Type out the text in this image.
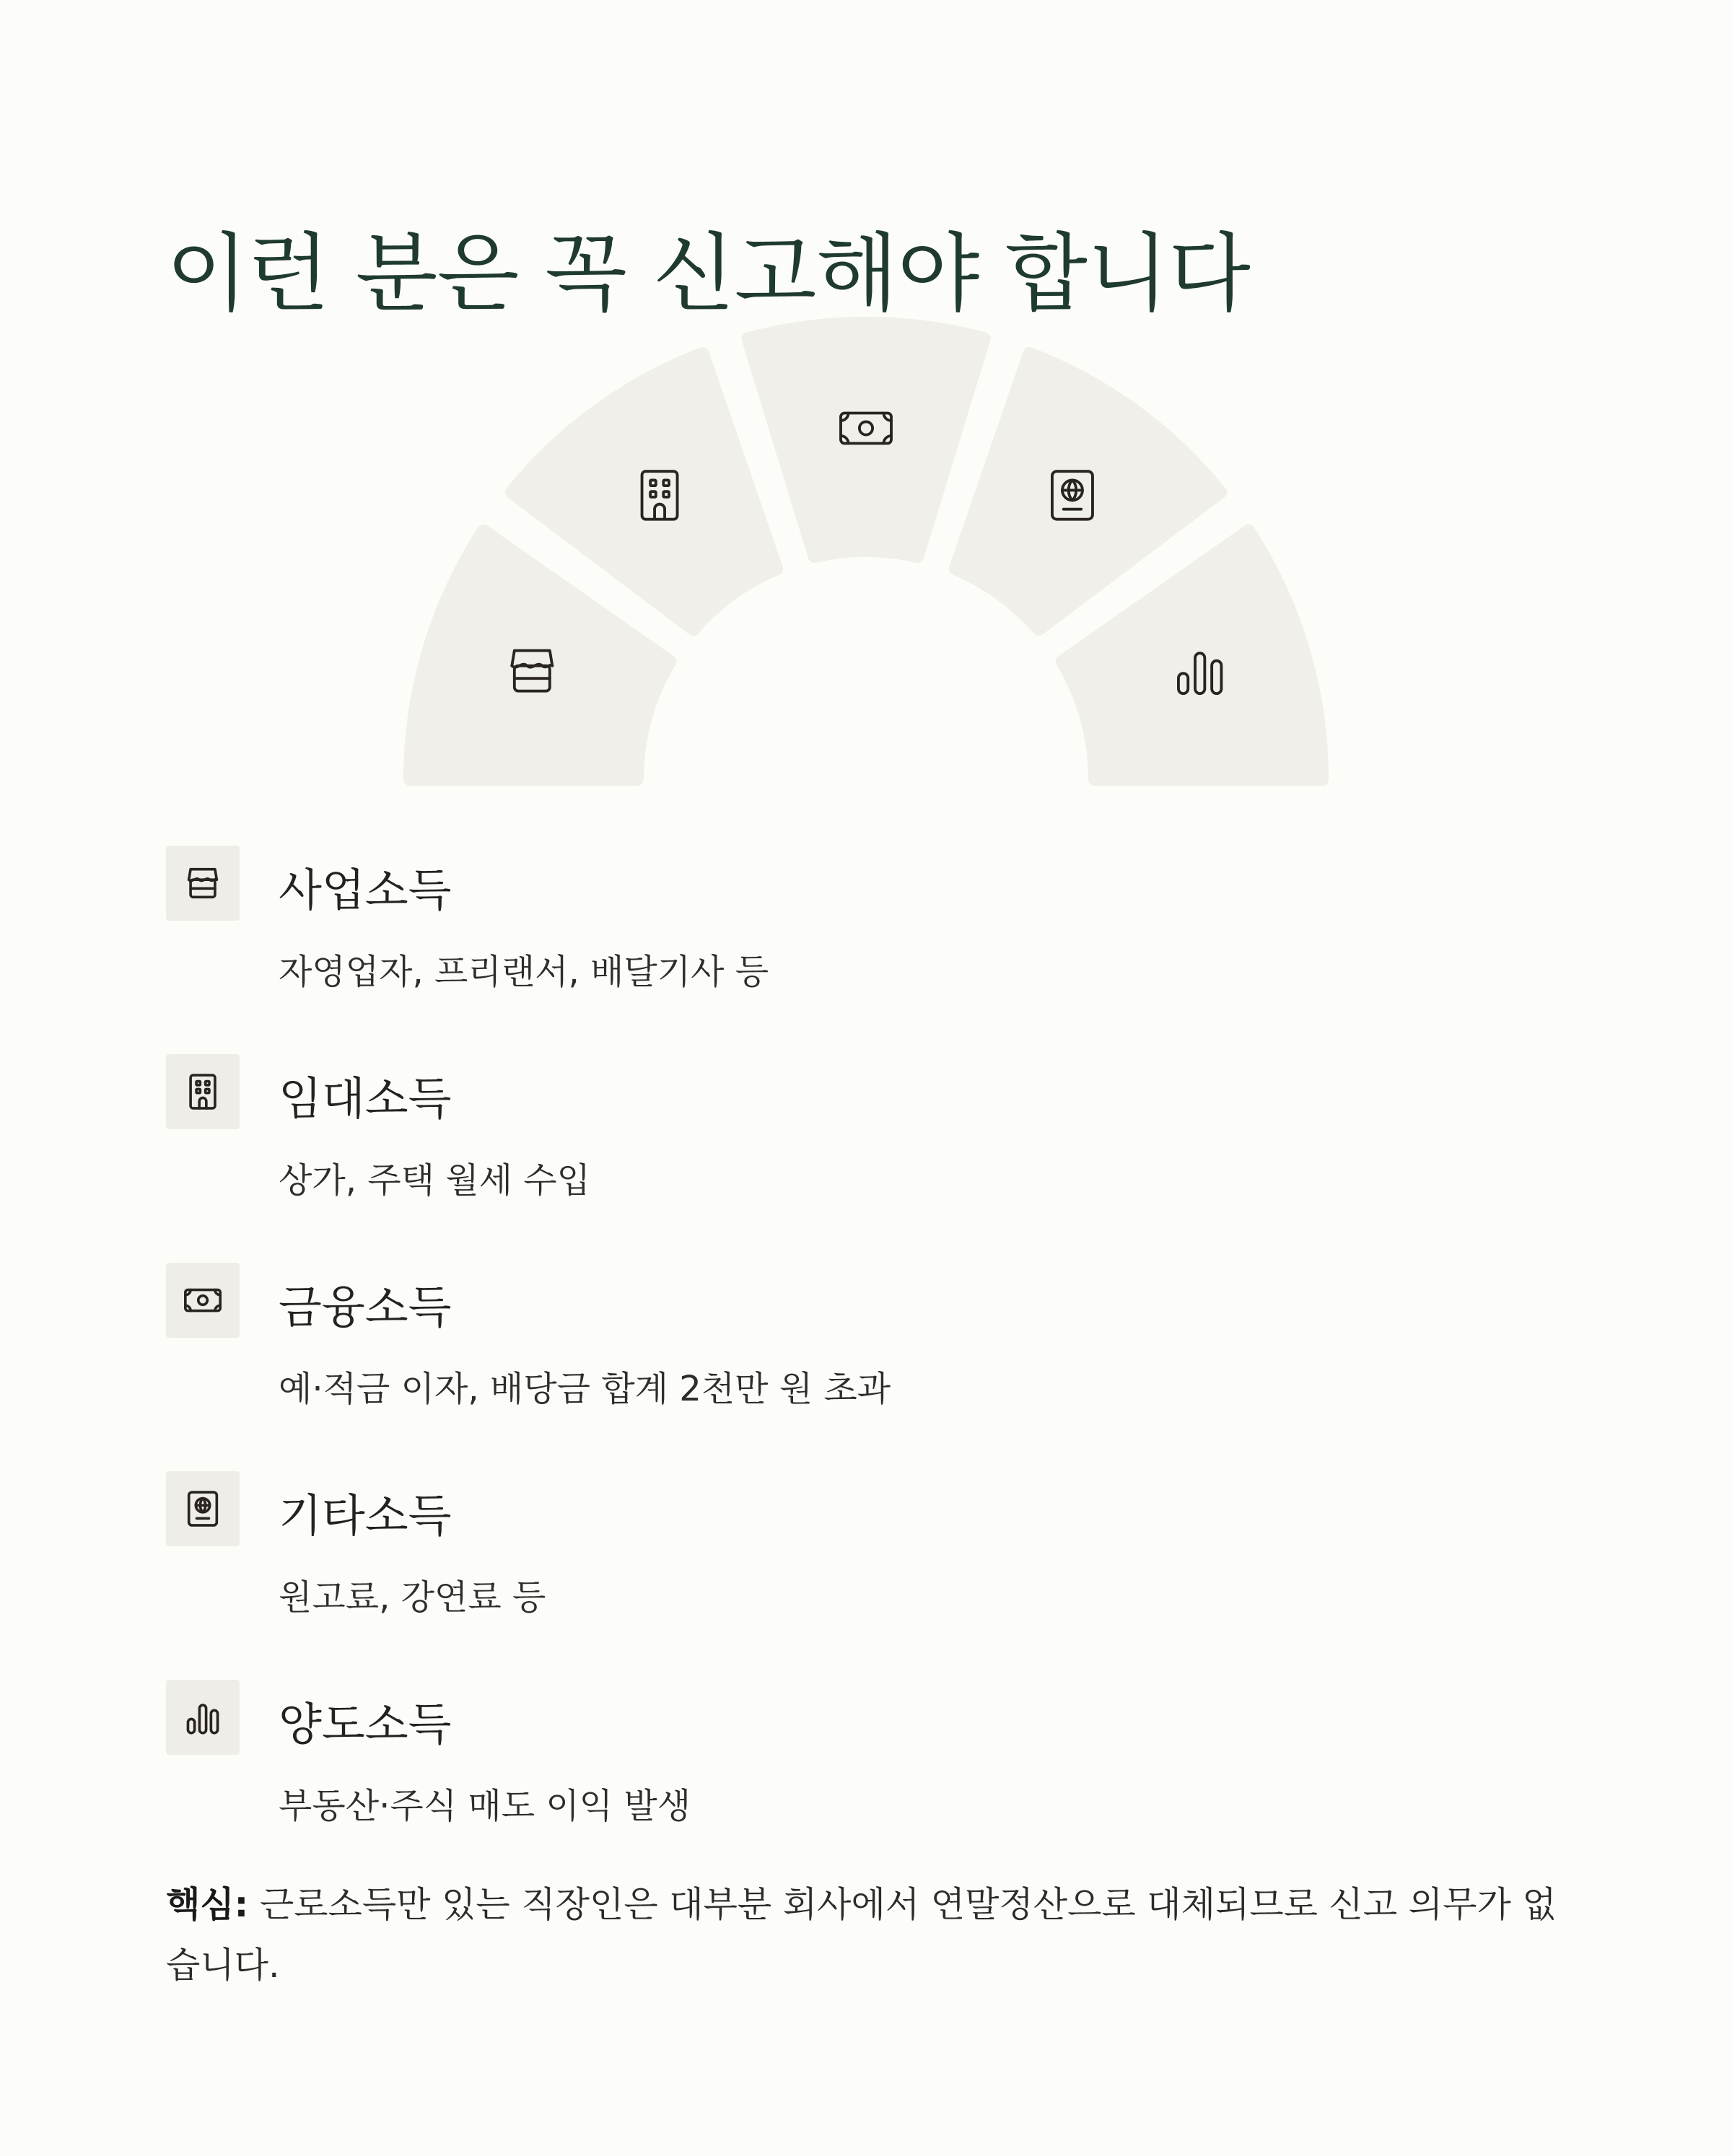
이런 분은 꼭 신고해야 합니다
사업소득
자영업자, 프리랜서, 배달기사 등
임대소득
상가, 주택 월세 수입
금융소득
예·적금 이자, 배당금 합계 2천만 원 초과
기타소득
원고료, 강연료 등
양도소득
부동산·주식 매도 이익 발생
핵심: 근로소득만 있는 직장인은 대부분 회사에서 연말정산으로 대체되므로 신고 의무가 없습니다.
